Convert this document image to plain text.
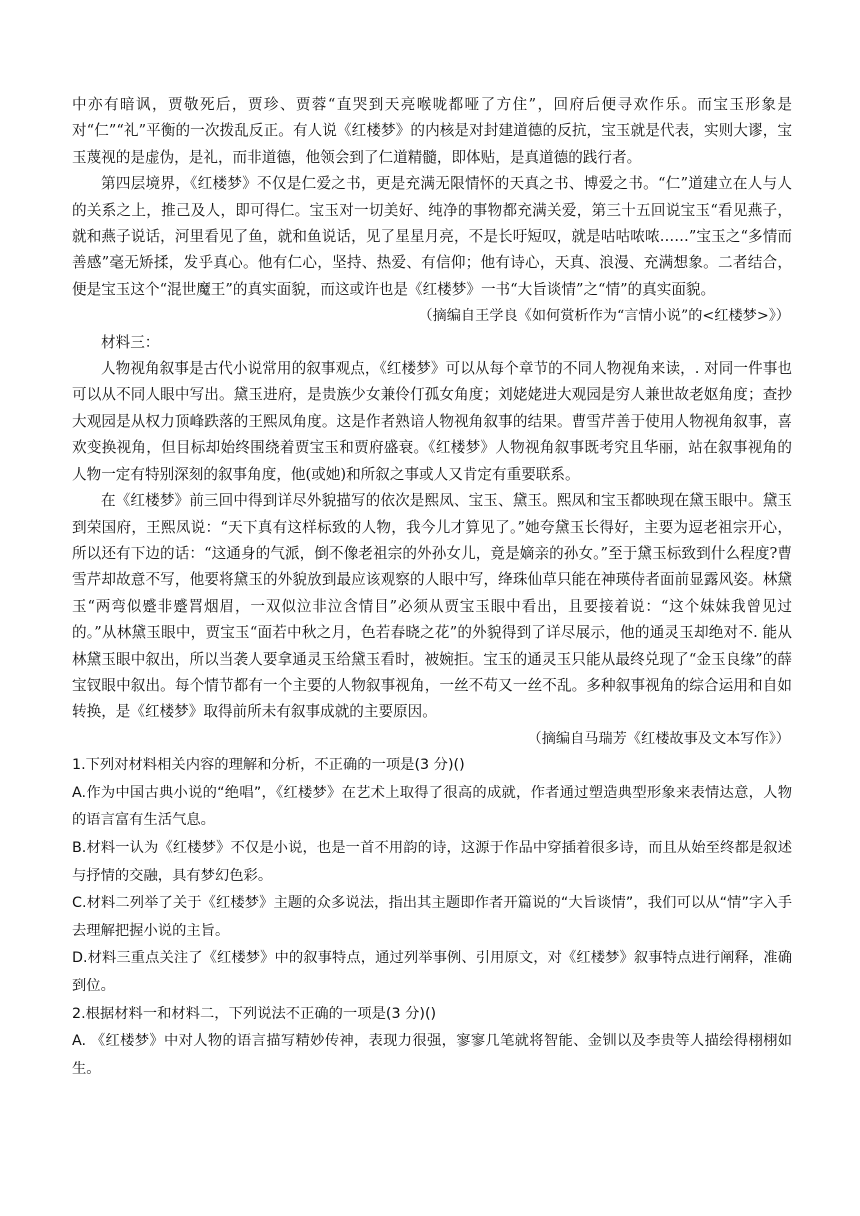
中亦有暗讽，贾敬死后，贾珍、贾蓉“直哭到天亮喉咙都哑了方住”，回府后便寻欢作乐。而宝玉形象是对“仁”“礼”平衡的一次拨乱反正。有人说《红楼梦》的内核是对封建道德的反抗，宝玉就是代表，实则大谬，宝玉蔑视的是虚伪，是礼，而非道德，他领会到了仁道精髓，即体贴，是真道德的践行者。

第四层境界，《红楼梦》不仅是仁爱之书，更是充满无限情怀的天真之书、博爱之书。“仁”道建立在人与人的关系之上，推己及人，即可得仁。宝玉对一切美好、纯净的事物都充满关爱，第三十五回说宝玉“看见燕子，就和燕子说话，河里看见了鱼，就和鱼说话，见了星星月亮，不是长吁短叹，就是咕咕哝哝……”宝玉之“多情而善感”毫无矫揉，发乎真心。他有仁心，坚持、热爱、有信仰；他有诗心，天真、浪漫、充满想象。二者结合，便是宝玉这个“混世魔王”的真实面貌，而这或许也是《红楼梦》一书“大旨谈情”之“情”的真实面貌。

（摘编自王学良《如何赏析作为“言情小说”的<红楼梦>》）

材料三：

人物视角叙事是古代小说常用的叙事观点，《红楼梦》可以从每个章节的不同人物视角来读，. 对同一件事也可以从不同人眼中写出。黛玉进府，是贵族少女兼伶仃孤女角度；刘姥姥进大观园是穷人兼世故老妪角度；查抄大观园是从权力顶峰跌落的王熙凤角度。这是作者熟谙人物视角叙事的结果。曹雪芹善于使用人物视角叙事，喜欢变换视角，但目标却始终围绕着贾宝玉和贾府盛衰。《红楼梦》人物视角叙事既考究且华丽，站在叙事视角的人物一定有特别深刻的叙事角度，他(或她)和所叙之事或人又肯定有重要联系。

在《红楼梦》前三回中得到详尽外貌描写的依次是熙凤、宝玉、黛玉。熙凤和宝玉都映现在黛玉眼中。黛玉到荣国府，王熙凤说：“天下真有这样标致的人物，我今儿才算见了。”她夸黛玉长得好，主要为逗老祖宗开心，所以还有下边的话：“这通身的气派，倒不像老祖宗的外孙女儿，竟是嫡亲的孙女。”至于黛玉标致到什么程度?曹雪芹却故意不写，他要将黛玉的外貌放到最应该观察的人眼中写，绛珠仙草只能在神瑛侍者面前显露风姿。林黛玉“两弯似蹙非蹙罥烟眉，一双似泣非泣含情目”必须从贾宝玉眼中看出，且要接着说：“这个妹妹我曾见过的。”从林黛玉眼中，贾宝玉“面若中秋之月，色若春晓之花”的外貌得到了详尽展示，他的通灵玉却绝对不. 能从林黛玉眼中叙出，所以当袭人要拿通灵玉给黛玉看时，被婉拒。宝玉的通灵玉只能从最终兑现了“金玉良缘”的薛宝钗眼中叙出。每个情节都有一个主要的人物叙事视角，一丝不苟又一丝不乱。多种叙事视角的综合运用和自如转换，是《红楼梦》取得前所未有叙事成就的主要原因。

（摘编自马瑞芳《红楼故事及文本写作》）

1.下列对材料相关内容的理解和分析，不正确的一项是(3 分)()

A.作为中国古典小说的“绝唱”，《红楼梦》在艺术上取得了很高的成就，作者通过塑造典型形象来表情达意，人物的语言富有生活气息。

B.材料一认为《红楼梦》不仅是小说，也是一首不用韵的诗，这源于作品中穿插着很多诗，而且从始至终都是叙述与抒情的交融，具有梦幻色彩。

C.材料二列举了关于《红楼梦》主题的众多说法，指出其主题即作者开篇说的“大旨谈情”，我们可以从“情”字入手去理解把握小说的主旨。

D.材料三重点关注了《红楼梦》中的叙事特点，通过列举事例、引用原文，对《红楼梦》叙事特点进行阐释，准确到位。

2.根据材料一和材料二，下列说法不正确的一项是(3 分)()

A. 《红楼梦》中对人物的语言描写精妙传神，表现力很强，寥寥几笔就将智能、金钏以及李贵等人描绘得栩栩如生。
